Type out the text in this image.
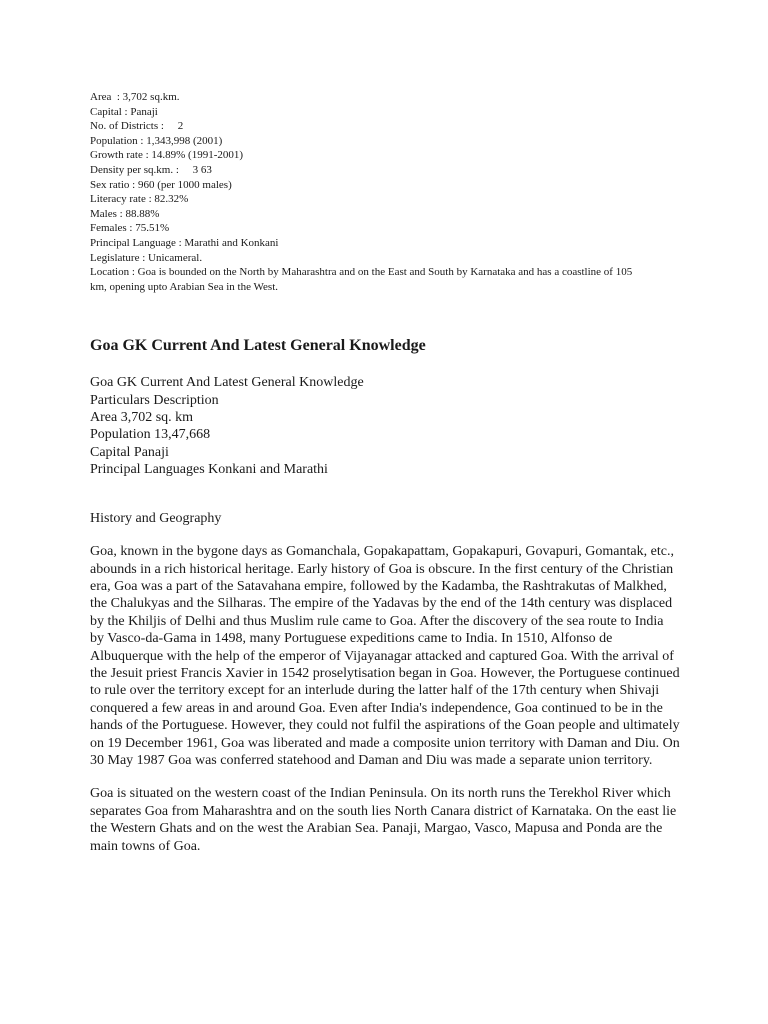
Area  : 3,702 sq.km.
Capital : Panaji
No. of Districts :     2
Population : 1,343,998 (2001)
Growth rate : 14.89% (1991-2001)
Density per sq.km. :     3 63
Sex ratio : 960 (per 1000 males)
Literacy rate : 82.32%
Males : 88.88%
Females : 75.51%
Principal Language : Marathi and Konkani
Legislature : Unicameral.
Location : Goa is bounded on the North by Maharashtra and on the East and South by Karnataka and has a coastline of 105 km, opening upto Arabian Sea in the West.
Goa GK Current And Latest General Knowledge
Goa GK Current And Latest General Knowledge
Particulars Description
Area 3,702 sq. km
Population 13,47,668
Capital Panaji
Principal Languages Konkani and Marathi
History and Geography
Goa, known in the bygone days as Gomanchala, Gopakapattam, Gopakapuri, Govapuri, Gomantak, etc., abounds in a rich historical heritage. Early history of Goa is obscure. In the first century of the Christian era, Goa was a part of the Satavahana empire, followed by the Kadamba, the Rashtrakutas of Malkhed, the Chalukyas and the Silharas. The empire of the Yadavas by the end of the 14th century was displaced by the Khiljis of Delhi and thus Muslim rule came to Goa. After the discovery of the sea route to India by Vasco-da-Gama in 1498, many Portuguese expeditions came to India. In 1510, Alfonso de Albuquerque with the help of the emperor of Vijayanagar attacked and captured Goa. With the arrival of the Jesuit priest Francis Xavier in 1542 proselytisation began in Goa. However, the Portuguese continued to rule over the territory except for an interlude during the latter half of the 17th century when Shivaji conquered a few areas in and around Goa. Even after India's independence, Goa continued to be in the hands of the Portuguese. However, they could not fulfil the aspirations of the Goan people and ultimately on 19 December 1961, Goa was liberated and made a composite union territory with Daman and Diu. On 30 May 1987 Goa was conferred statehood and Daman and Diu was made a separate union territory.
Goa is situated on the western coast of the Indian Peninsula. On its north runs the Terekhol River which separates Goa from Maharashtra and on the south lies North Canara district of Karnataka. On the east lie the Western Ghats and on the west the Arabian Sea. Panaji, Margao, Vasco, Mapusa and Ponda are the main towns of Goa.
